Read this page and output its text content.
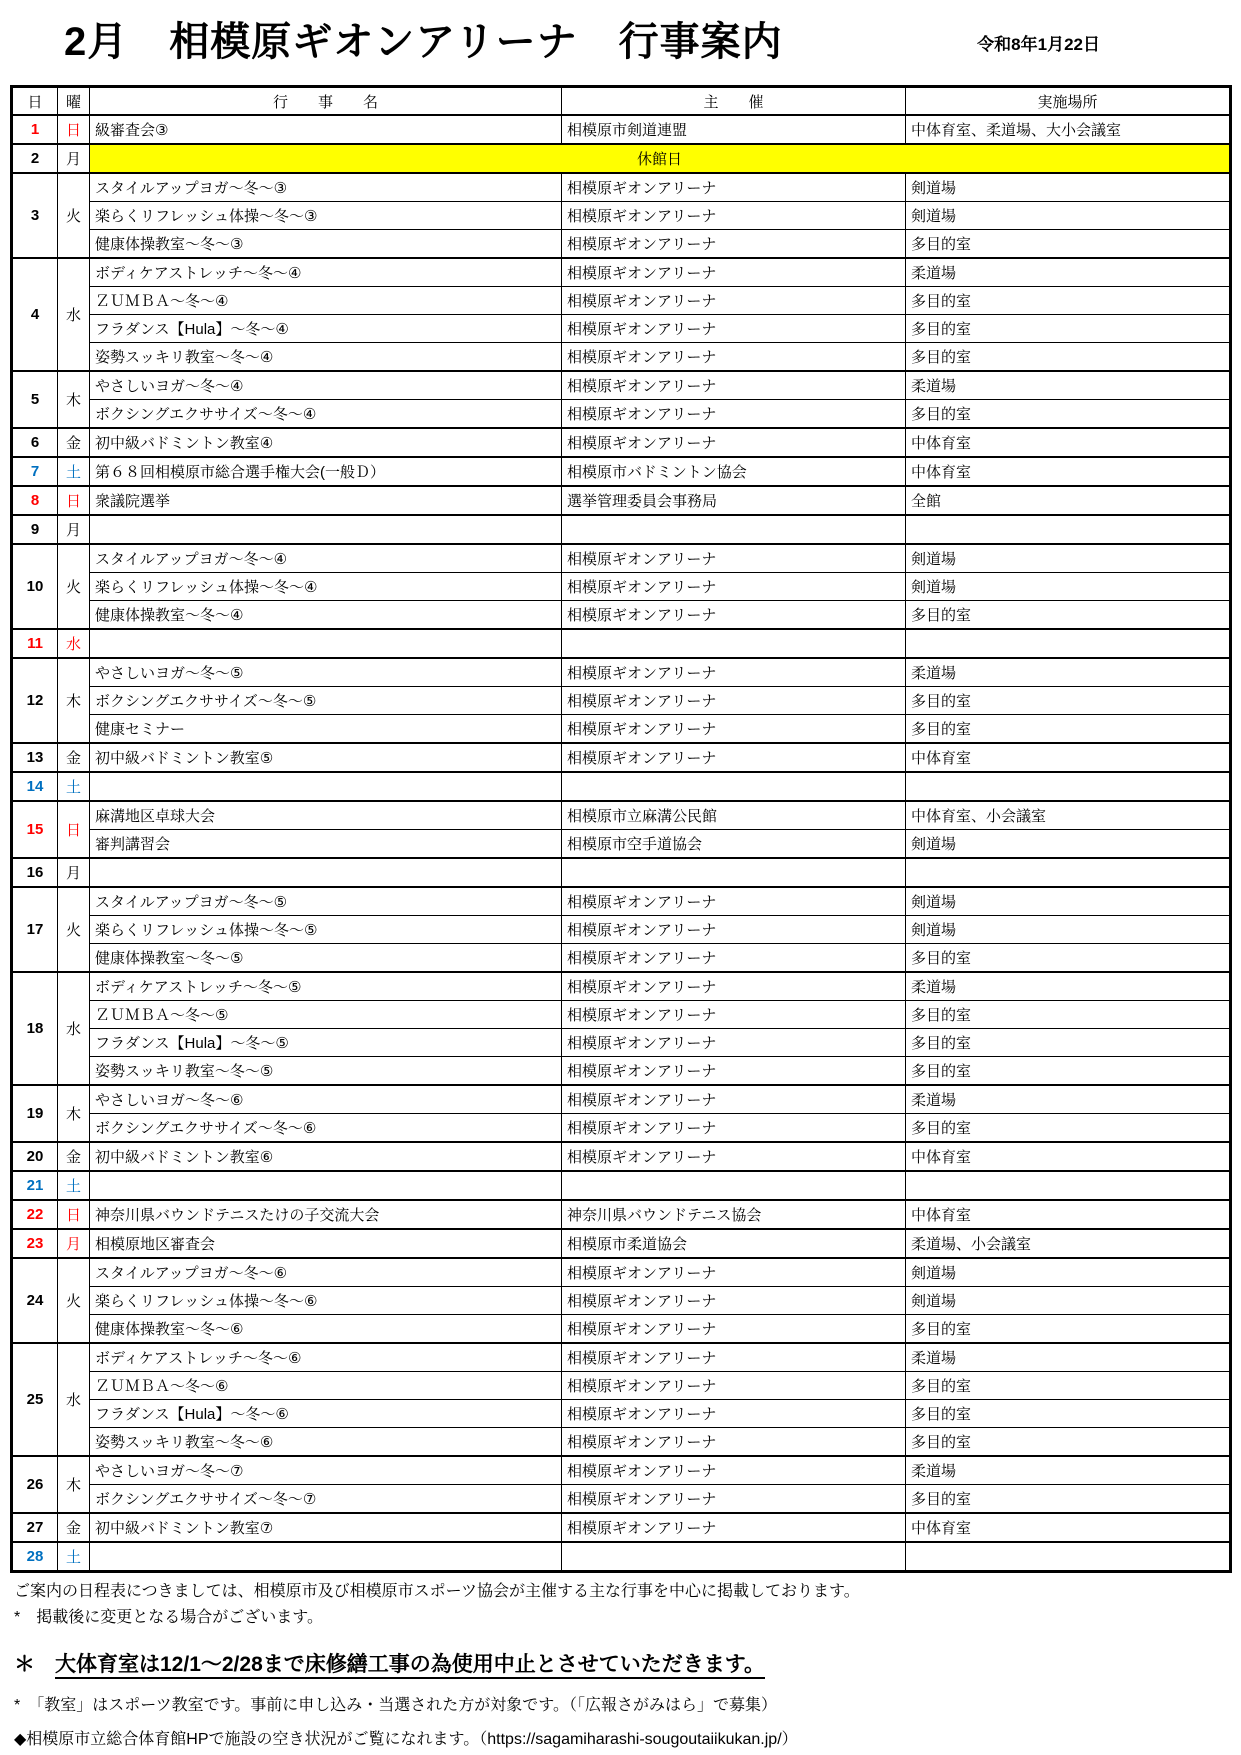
2月　相模原ギオンアリーナ　行事案内	令和8年1月22日
日	曜	行　　事　　名	主　　催	実施場所
1	日	級審査会③	相模原市剣道連盟	中体育室、柔道場、大小会議室
2	月	休館日		
3	火	スタイルアップヨガ～冬～③	相模原ギオンアリーナ	剣道場
		楽らくリフレッシュ体操～冬～③	相模原ギオンアリーナ	剣道場
		健康体操教室～冬～③	相模原ギオンアリーナ	多目的室
4	水	ボディケアストレッチ～冬～④	相模原ギオンアリーナ	柔道場
		ＺＵＭＢＡ～冬～④	相模原ギオンアリーナ	多目的室
		フラダンス【Hula】～冬～④	相模原ギオンアリーナ	多目的室
		姿勢スッキリ教室～冬～④	相模原ギオンアリーナ	多目的室
5	木	やさしいヨガ～冬～④	相模原ギオンアリーナ	柔道場
		ボクシングエクササイズ～冬～④	相模原ギオンアリーナ	多目的室
6	金	初中級バドミントン教室④	相模原ギオンアリーナ	中体育室
7	土	第６８回相模原市総合選手権大会(一般Ｄ）	相模原市バドミントン協会	中体育室
8	日	衆議院選挙	選挙管理委員会事務局	全館
9	月			
10	火	スタイルアップヨガ～冬～④	相模原ギオンアリーナ	剣道場
		楽らくリフレッシュ体操～冬～④	相模原ギオンアリーナ	剣道場
		健康体操教室～冬～④	相模原ギオンアリーナ	多目的室
11	水			
12	木	やさしいヨガ～冬～⑤	相模原ギオンアリーナ	柔道場
		ボクシングエクササイズ～冬～⑤	相模原ギオンアリーナ	多目的室
		健康セミナー	相模原ギオンアリーナ	多目的室
13	金	初中級バドミントン教室⑤	相模原ギオンアリーナ	中体育室
14	土			
15	日	麻溝地区卓球大会	相模原市立麻溝公民館	中体育室、小会議室
		審判講習会	相模原市空手道協会	剣道場
16	月			
17	火	スタイルアップヨガ～冬～⑤	相模原ギオンアリーナ	剣道場
		楽らくリフレッシュ体操～冬～⑤	相模原ギオンアリーナ	剣道場
		健康体操教室～冬～⑤	相模原ギオンアリーナ	多目的室
18	水	ボディケアストレッチ～冬～⑤	相模原ギオンアリーナ	柔道場
		ＺＵＭＢＡ～冬～⑤	相模原ギオンアリーナ	多目的室
		フラダンス【Hula】～冬～⑤	相模原ギオンアリーナ	多目的室
		姿勢スッキリ教室～冬～⑤	相模原ギオンアリーナ	多目的室
19	木	やさしいヨガ～冬～⑥	相模原ギオンアリーナ	柔道場
		ボクシングエクササイズ～冬～⑥	相模原ギオンアリーナ	多目的室
20	金	初中級バドミントン教室⑥	相模原ギオンアリーナ	中体育室
21	土			
22	日	神奈川県バウンドテニスたけの子交流大会	神奈川県バウンドテニス協会	中体育室
23	月	相模原地区審査会	相模原市柔道協会	柔道場、小会議室
24	火	スタイルアップヨガ～冬～⑥	相模原ギオンアリーナ	剣道場
		楽らくリフレッシュ体操～冬～⑥	相模原ギオンアリーナ	剣道場
		健康体操教室～冬～⑥	相模原ギオンアリーナ	多目的室
25	水	ボディケアストレッチ～冬～⑥	相模原ギオンアリーナ	柔道場
		ＺＵＭＢＡ～冬～⑥	相模原ギオンアリーナ	多目的室
		フラダンス【Hula】～冬～⑥	相模原ギオンアリーナ	多目的室
		姿勢スッキリ教室～冬～⑥	相模原ギオンアリーナ	多目的室
26	木	やさしいヨガ～冬～⑦	相模原ギオンアリーナ	柔道場
		ボクシングエクササイズ～冬～⑦	相模原ギオンアリーナ	多目的室
27	金	初中級バドミントン教室⑦	相模原ギオンアリーナ	中体育室
28	土			

ご案内の日程表につきましては、相模原市及び相模原市スポーツ協会が主催する主な行事を中心に掲載しております。

*　掲載後に変更となる場合がございます。

＊ 大体育室は12/1～2/28まで床修繕工事の為使用中止とさせていただきます。

*　「教室」はスポーツ教室です。事前に申し込み・当選された方が対象です。（「広報さがみはら」で募集）

◆相模原市立総合体育館HPで施設の空き状況がご覧になれます。（https://sagamiharashi-sougoutaiikukan.jp/）
